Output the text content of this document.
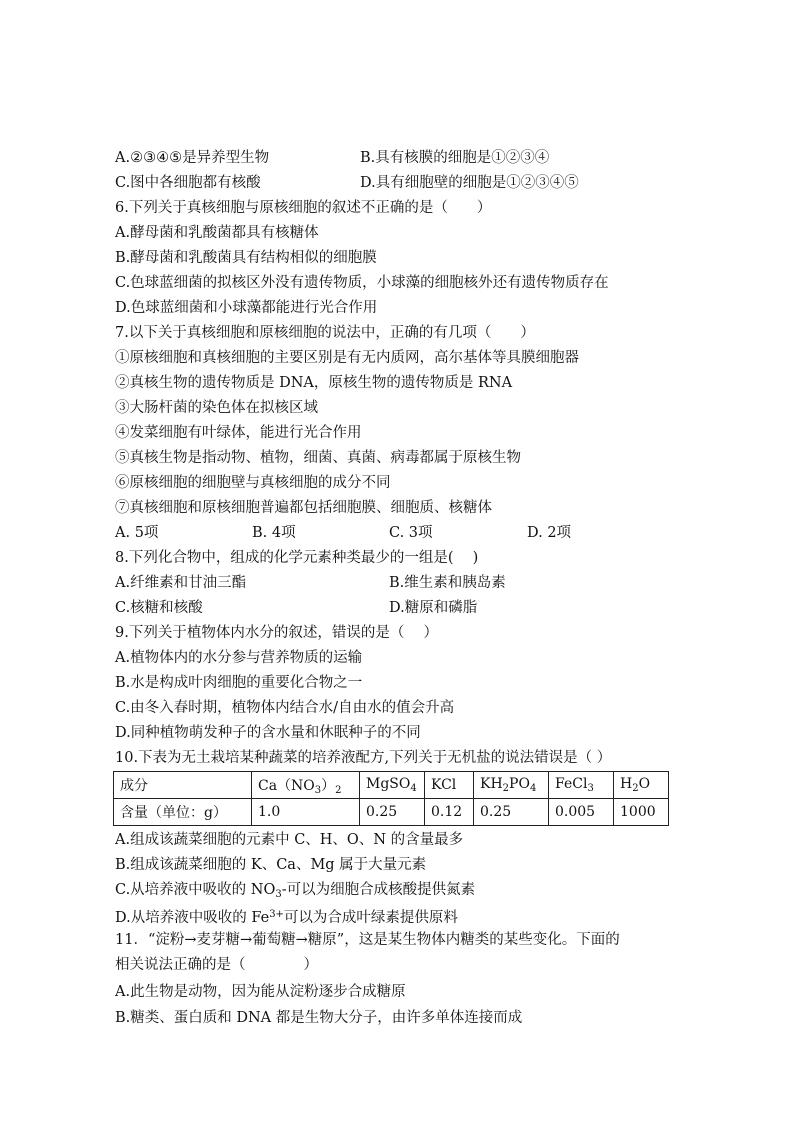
A.②③④⑤是异养型生物	B.具有核膜的细胞是①②③④
C.图中各细胞都有核酸	D.具有细胞壁的细胞是①②③④⑤
6.下列关于真核细胞与原核细胞的叙述不正确的是（　　）
A.酵母菌和乳酸菌都具有核糖体
B.酵母菌和乳酸菌具有结构相似的细胞膜
C.色球蓝细菌的拟核区外没有遗传物质，小球藻的细胞核外还有遗传物质存在
D.色球蓝细菌和小球藻都能进行光合作用
7.以下关于真核细胞和原核细胞的说法中，正确的有几项（　　）
①原核细胞和真核细胞的主要区别是有无内质网，高尔基体等具膜细胞器
②真核生物的遗传物质是 DNA，原核生物的遗传物质是 RNA
③大肠杆菌的染色体在拟核区域
④发菜细胞有叶绿体，能进行光合作用
⑤真核生物是指动物、植物，细菌、真菌、病毒都属于原核生物
⑥原核细胞的细胞壁与真核细胞的成分不同
⑦真核细胞和原核细胞普遍都包括细胞膜、细胞质、核糖体
A. 5项	B. 4项	C. 3项	D. 2项
8.下列化合物中，组成的化学元素种类最少的一组是(　 )
A.纤维素和甘油三酯	B.维生素和胰岛素
C.核糖和核酸	D.糖原和磷脂
9.下列关于植物体内水分的叙述，错误的是（　 ）
A.植物体内的水分参与营养物质的运输
B.水是构成叶肉细胞的重要化合物之一
C.由冬入春时期，植物体内结合水/自由水的值会升高
D.同种植物萌发种子的含水量和休眠种子的不同
10.下表为无土栽培某种蔬菜的培养液配方,下列关于无机盐的说法错误是（ ）
成分	$Ca(NO_3)_2$	MgSO$_4$	KCl	$KH_2PO_4$	FeCl$_3$	$H_2O$
含量（单位：g）	1.0	0.25	0.12	0.25	0.005	1000
A.组成该蔬菜细胞的元素中 C、H、O、N 的含量最多
B.组成该蔬菜细胞的 K、Ca、Mg 属于大量元素
C.从培养液中吸收的 $NO_3-$可以为细胞合成核酸提供氮素
D.从培养液中吸收的 $Fe^{3+}$可以为合成叶绿素提供原料
11．“淀粉→麦芽糖→葡萄糖→糖原”，这是某生物体内糖类的某些变化。下面的
相关说法正确的是（　　　　）
A.此生物是动物，因为能从淀粉逐步合成糖原
B.糖类、蛋白质和 DNA 都是生物大分子，由许多单体连接而成
